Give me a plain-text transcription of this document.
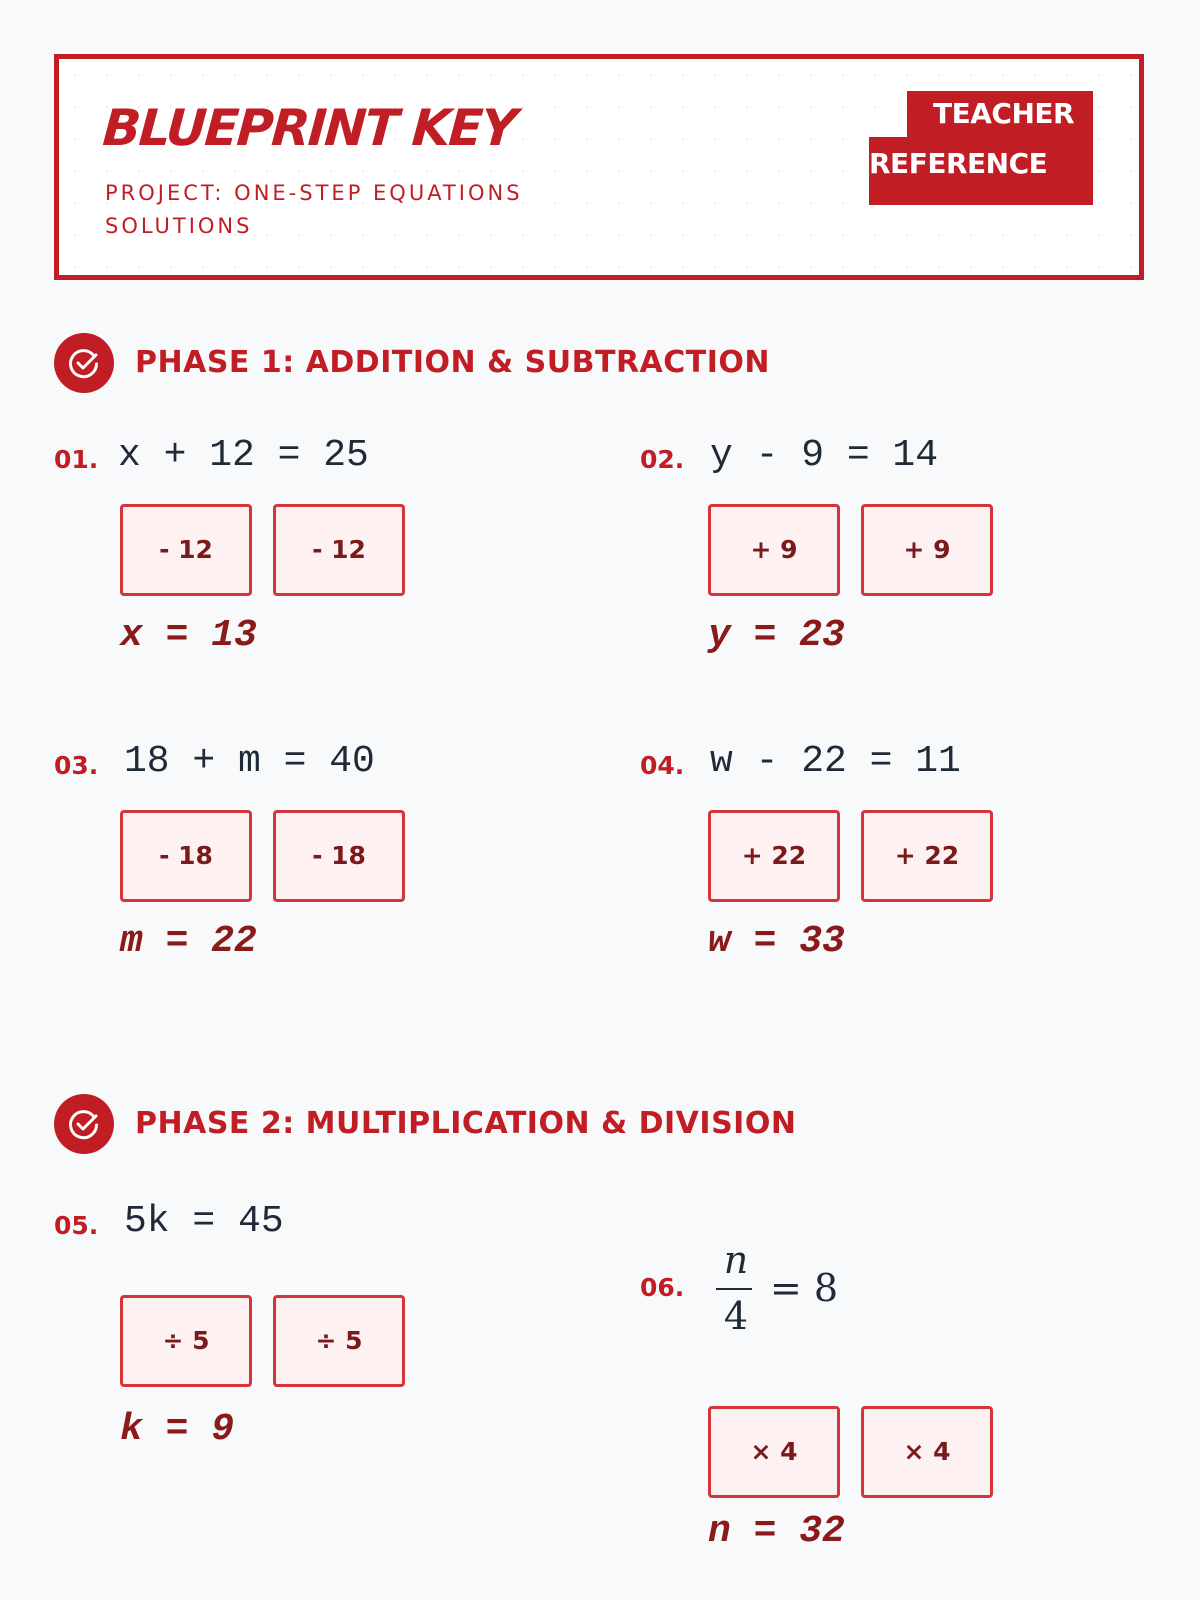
BLUEPRINT KEY
PROJECT: ONE-STEP EQUATIONS SOLUTIONS
TEACHER
REFERENCE
PHASE 1: ADDITION & SUBTRACTION
01. x + 12 = 25
- 12	- 12
x = 13
02. y - 9 = 14
+ 9	+ 9
y = 23
03. 18 + m = 40
- 18	- 18
m = 22
04. w - 22 = 11
+ 22	+ 22
w = 33
PHASE 2: MULTIPLICATION & DIVISION
05. 5k = 45
÷ 5	÷ 5
k = 9
06.
n
4
= 8
× 4	× 4
n = 32
